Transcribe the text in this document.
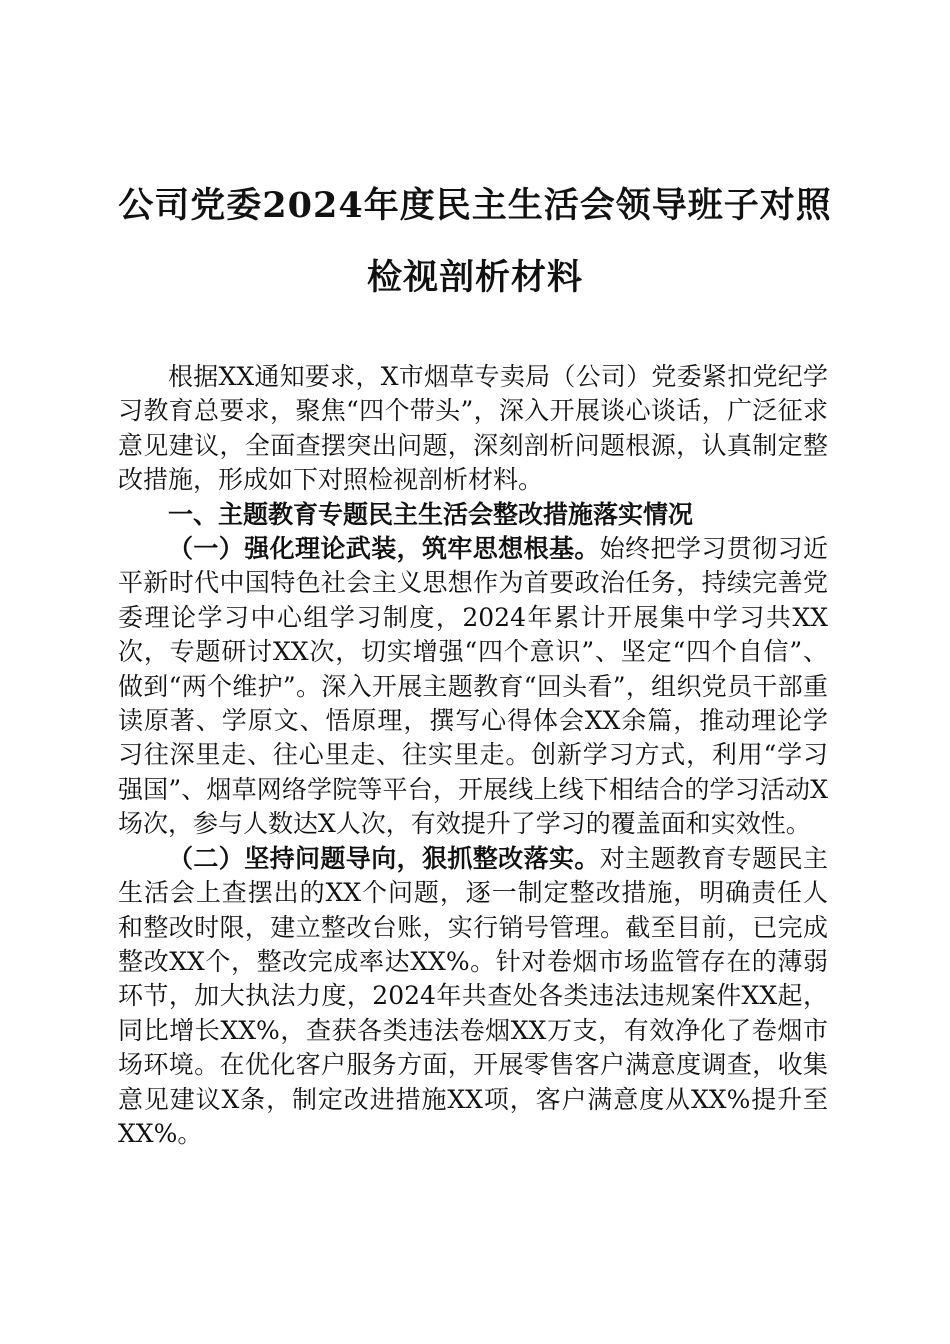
公司党委2024年度民主生活会领导班子对照检视剖析材料

根据XX通知要求，X市烟草专卖局（公司）党委紧扣党纪学习教育总要求，聚焦“四个带头”，深入开展谈心谈话，广泛征求意见建议，全面查摆突出问题，深刻剖析问题根源，认真制定整改措施，形成如下对照检视剖析材料。

一、主题教育专题民主生活会整改措施落实情况

（一）强化理论武装，筑牢思想根基。始终把学习贯彻习近平新时代中国特色社会主义思想作为首要政治任务，持续完善党委理论学习中心组学习制度，2024年累计开展集中学习共XX次，专题研讨XX次，切实增强“四个意识”、坚定“四个自信”、做到“两个维护”。深入开展主题教育“回头看”，组织党员干部重读原著、学原文、悟原理，撰写心得体会XX余篇，推动理论学习往深里走、往心里走、往实里走。创新学习方式，利用“学习强国”、烟草网络学院等平台，开展线上线下相结合的学习活动X场次，参与人数达X人次，有效提升了学习的覆盖面和实效性。

（二）坚持问题导向，狠抓整改落实。对主题教育专题民主生活会上查摆出的XX个问题，逐一制定整改措施，明确责任人和整改时限，建立整改台账，实行销号管理。截至目前，已完成整改XX个，整改完成率达XX%。针对卷烟市场监管存在的薄弱环节，加大执法力度，2024年共查处各类违法违规案件XX起，同比增长XX%，查获各类违法卷烟XX万支，有效净化了卷烟市场环境。在优化客户服务方面，开展零售客户满意度调查，收集意见建议X条，制定改进措施XX项，客户满意度从XX%提升至XX%。
